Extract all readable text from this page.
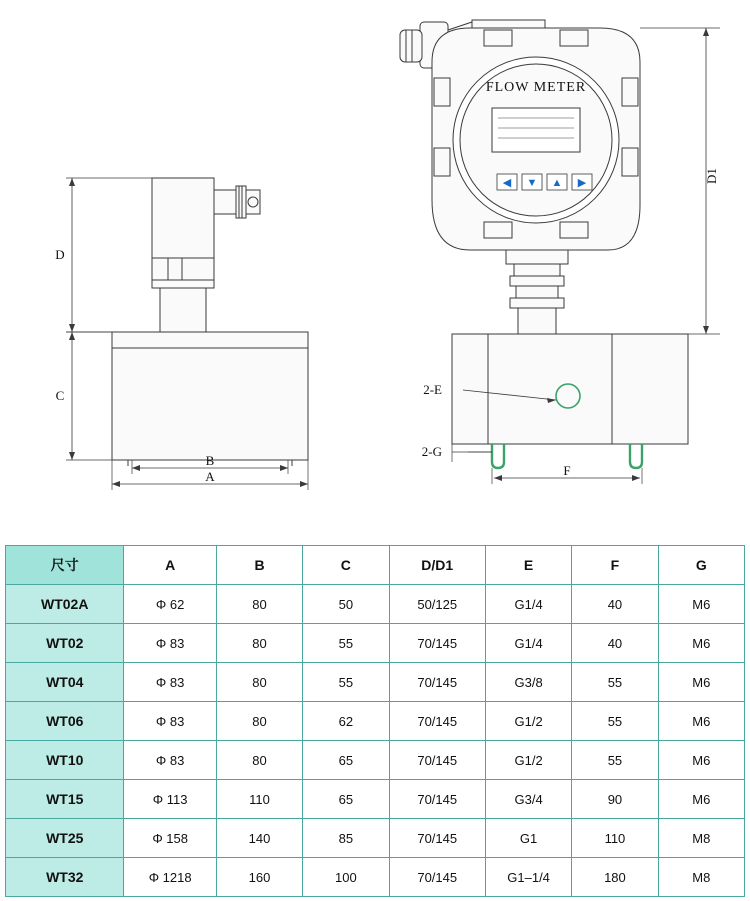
◀ ▼ ▲ ▶
FLOW METER
D
C
B
A
D1
F
2-E
2-G
尺寸	A	B	C	D/D1	E	F	G
WT02A	Φ 62	80	50	50/125	G1/4	40	M6
WT02	Φ 83	80	55	70/145	G1/4	40	M6
WT04	Φ 83	80	55	70/145	G3/8	55	M6
WT06	Φ 83	80	62	70/145	G1/2	55	M6
WT10	Φ 83	80	65	70/145	G1/2	55	M6
WT15	Φ 113	110	65	70/145	G3/4	90	M6
WT25	Φ 158	140	85	70/145	G1	110	M8
WT32	Φ 1218	160	100	70/145	G1–1/4	180	M8
